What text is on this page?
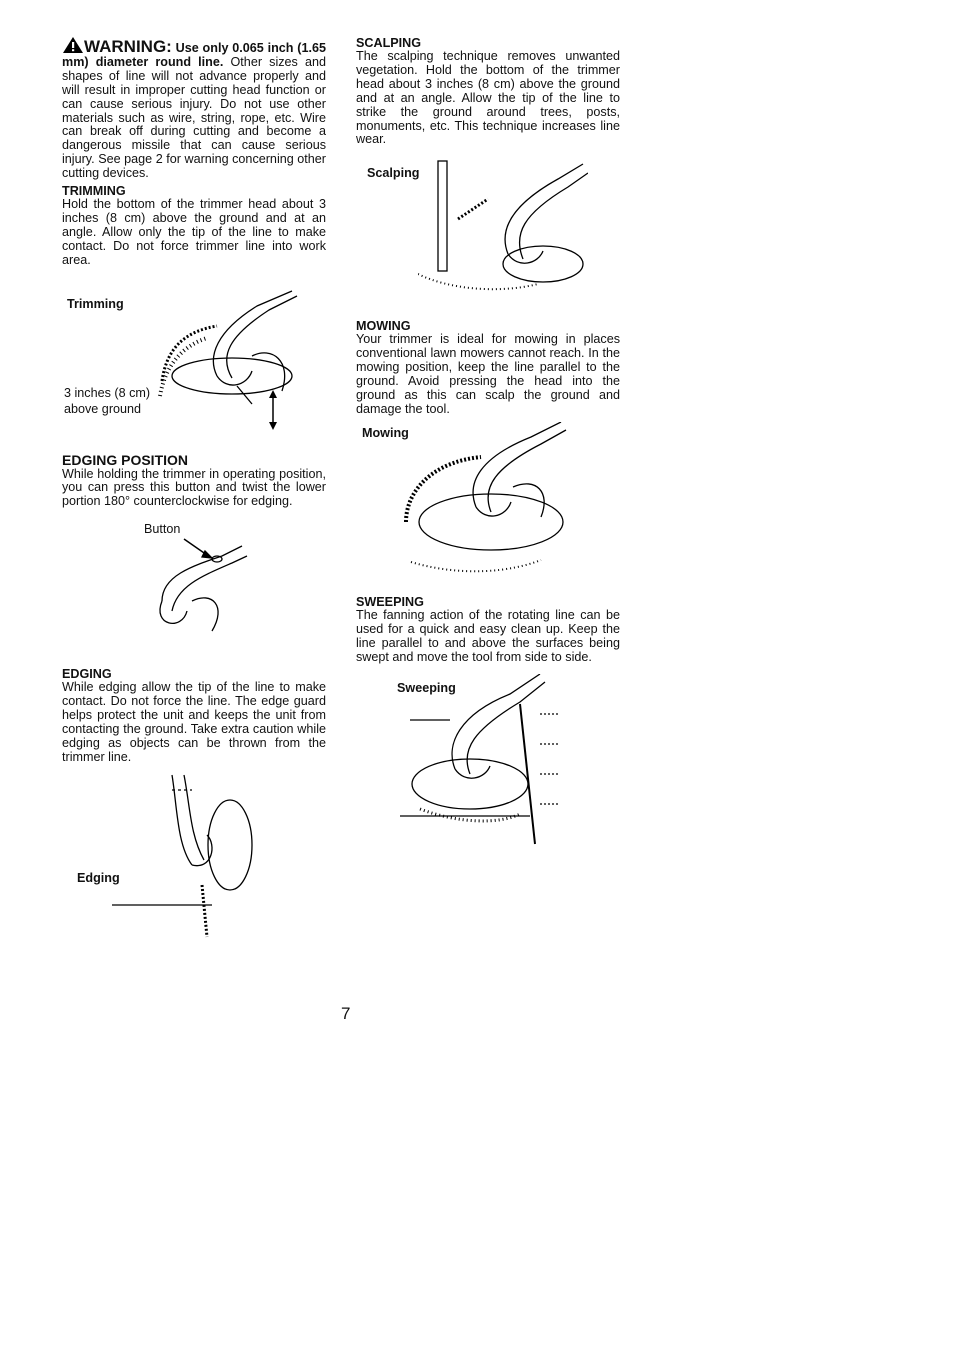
WARNING: Use only 0.065 inch (1.65 mm) diameter round line. Other sizes and shapes of line will not advance properly and will result in improper cutting head function or can cause serious injury. Do not use other materials such as wire, string, rope, etc. Wire can break off during cutting and become a dangerous missile that can cause serious injury. See page 2 for warning concerning other cutting devices.

TRIMMING

Hold the bottom of the trimmer head about 3 inches (8 cm) above the ground and at an angle. Allow only the tip of the line to make contact. Do not force trimmer line into work area.

Trimming
3 inches (8 cm)
above ground

EDGING POSITION

While holding the trimmer in operating position, you can press this button and twist the lower portion 180° counterclockwise for edging.

Button

EDGING

While edging allow the tip of the line to make contact. Do not force the line. The edge guard helps protect the unit and keeps the unit from contacting the ground. Take extra caution while edging as objects can be thrown from the trimmer line.

Edging

SCALPING

The scalping technique removes unwanted vegetation. Hold the bottom of the trimmer head about 3 inches (8 cm) above the ground and at an angle. Allow the tip of the line to strike the ground around trees, posts, monuments, etc. This technique increases line wear.

Scalping

MOWING

Your trimmer is ideal for mowing in places conventional lawn mowers cannot reach. In the mowing position, keep the line parallel to the ground. Avoid pressing the head into the ground as this can scalp the ground and damage the tool.

Mowing

SWEEPING

The fanning action of the rotating line can be used for a quick and easy clean up. Keep the line parallel to and above the surfaces being swept and move the tool from side to side.

Sweeping
7
